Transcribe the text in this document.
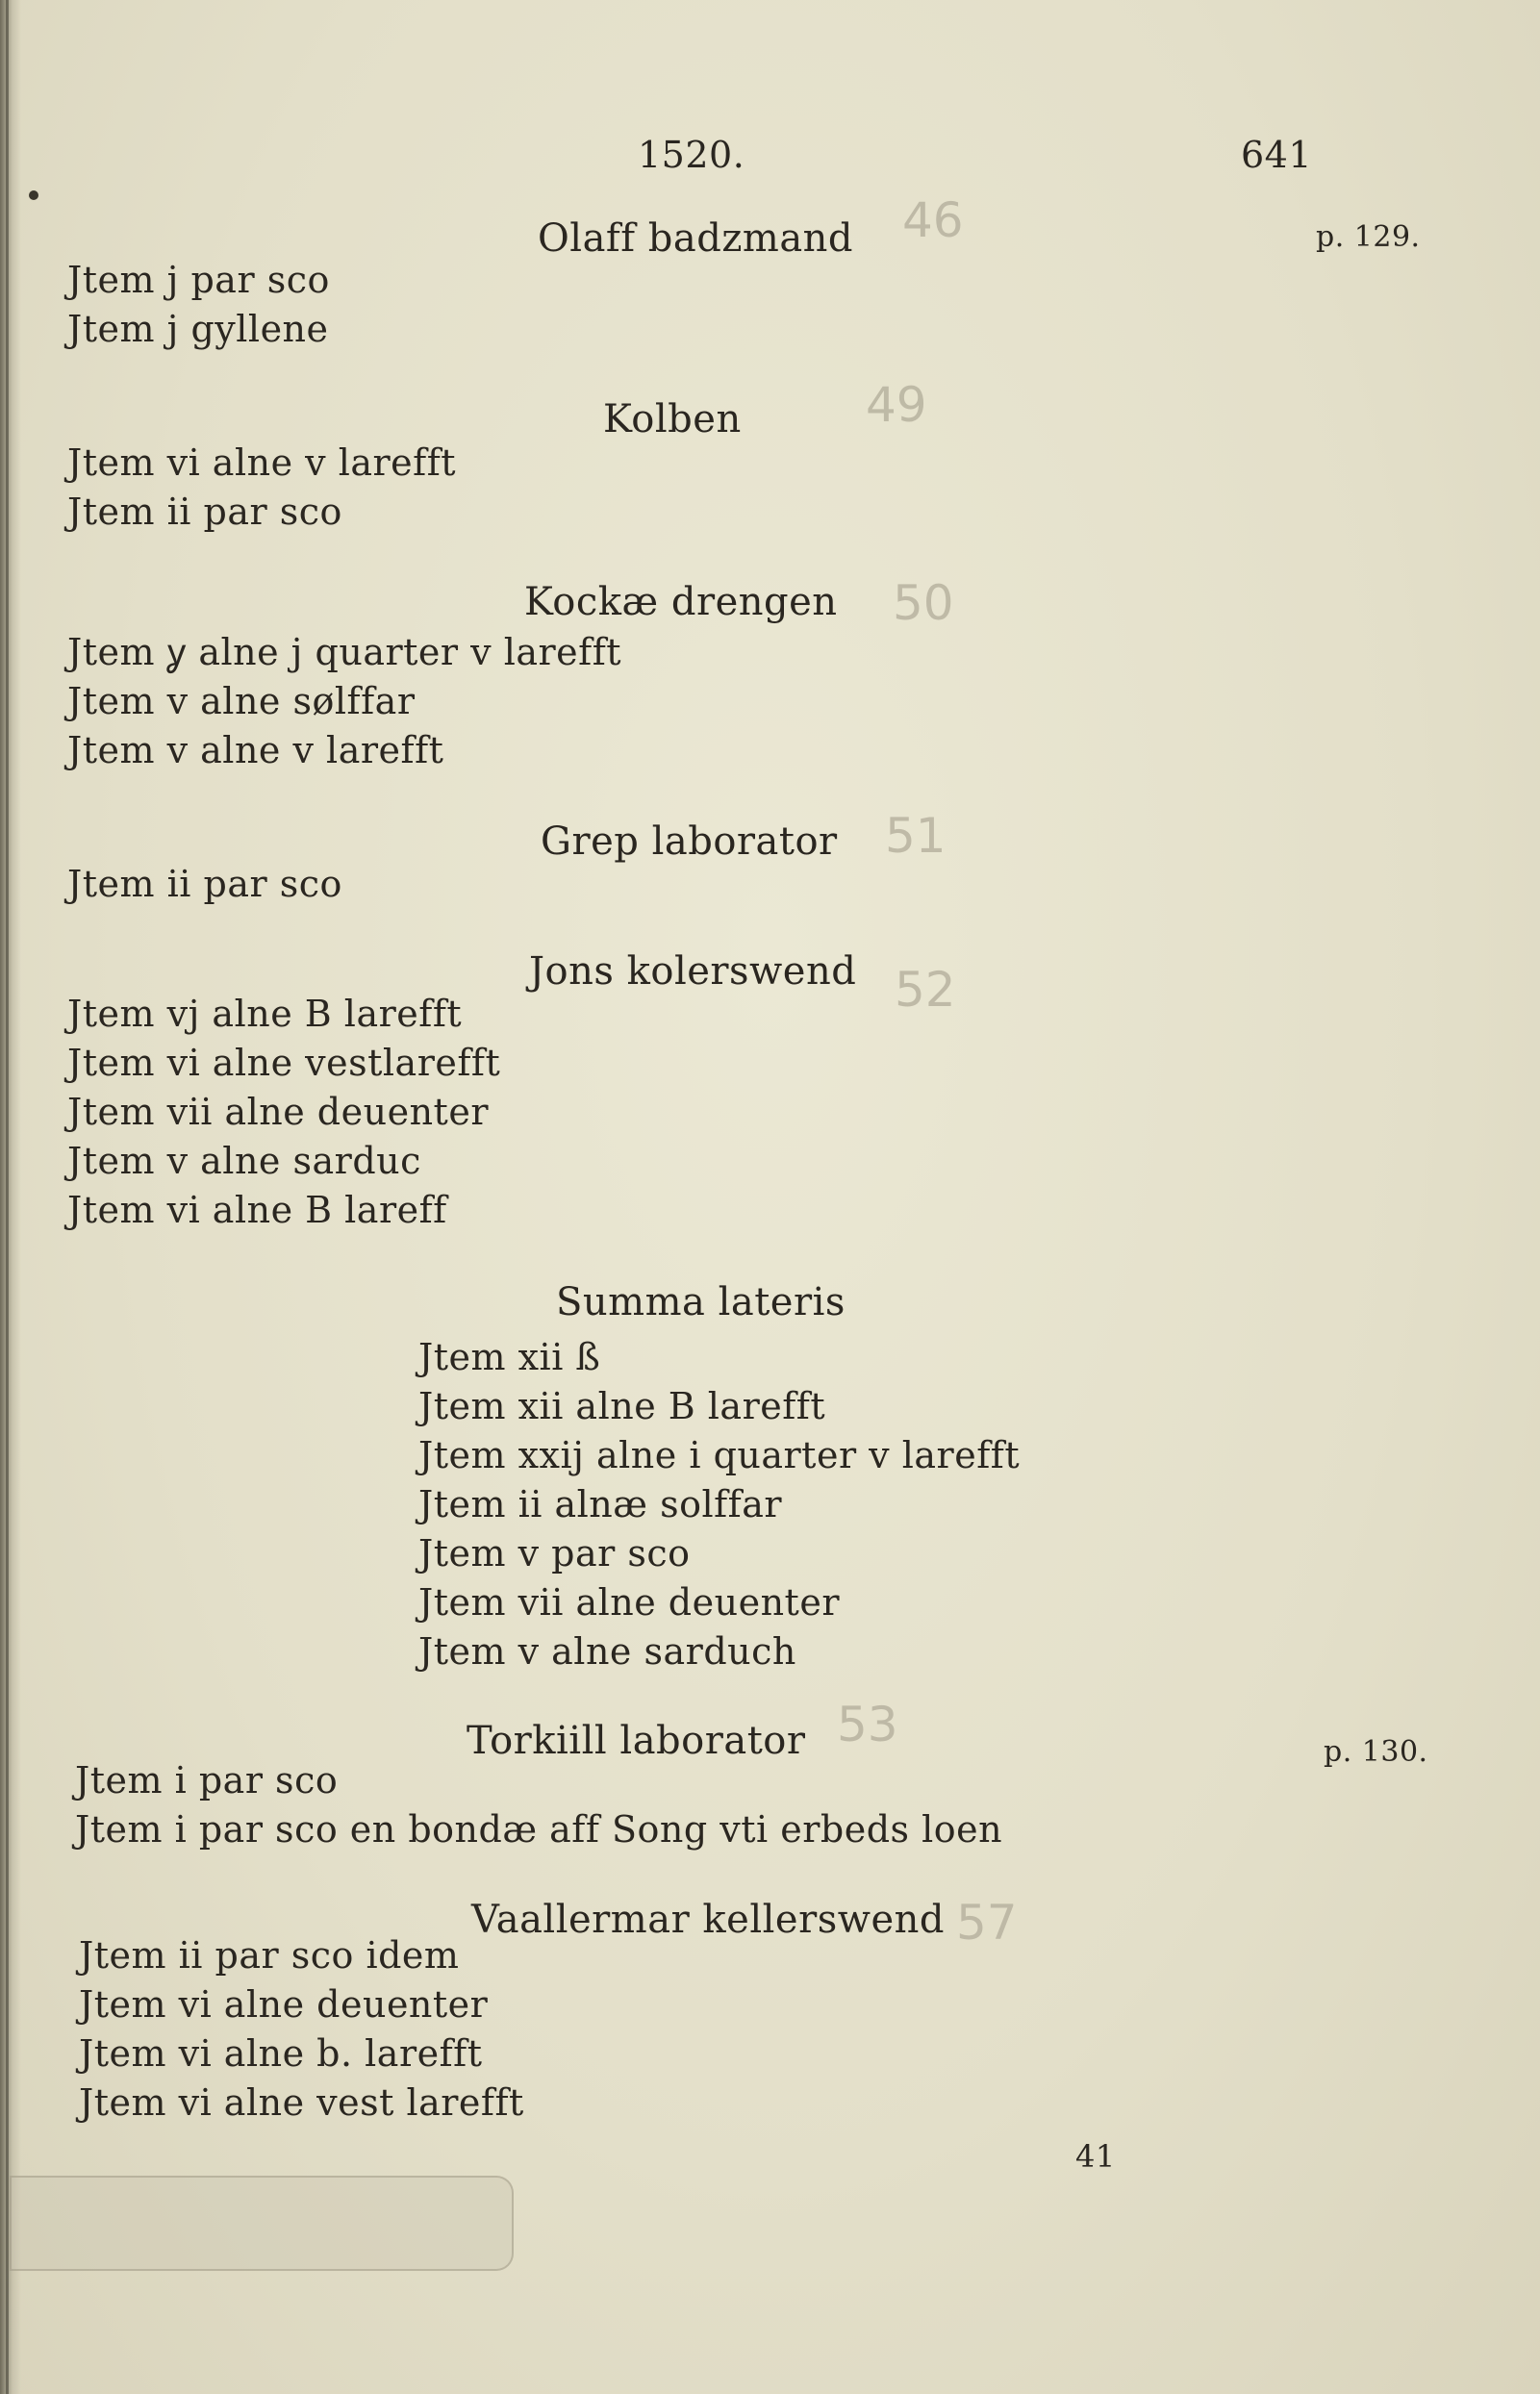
1520.	641
p. 129.
p. 130.
46
49
50
51
52
53
57
Olaff badzmand
Jtem j par sco
Jtem j gyllene
Kolben
Jtem vi alne v larefft
Jtem ii par sco
Kockæ drengen
Jtem ỿ alne j quarter v larefft
Jtem v alne sølffar
Jtem v alne v larefft
Grep laborator
Jtem ii par sco
Jons kolerswend
Jtem vj alne B larefft
Jtem vi alne vestlarefft
Jtem vii alne deuenter
Jtem v alne sarduc
Jtem vi alne B lareff
Summa lateris
Jtem xii ß
Jtem xii alne B larefft
Jtem xxij alne i quarter v larefft
Jtem ii alnæ solffar
Jtem v par sco
Jtem vii alne deuenter
Jtem v alne sarduch
Torkiill laborator
Jtem i par sco
Jtem i par sco en bondæ aff Song vti erbeds loen
Vaallermar kellerswend
Jtem ii par sco idem
Jtem vi alne deuenter
Jtem vi alne b. larefft
Jtem vi alne vest larefft
41
